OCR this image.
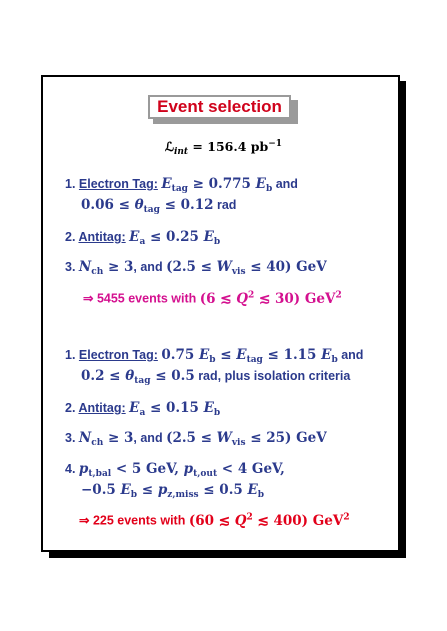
Event selection
ℒ$_{int}$ = 156.4 $pb^{-1}$
1. Electron Tag: $E_{tag} \ge 0.775$ $E_b$ and
$0.06 \le \theta_{tag} \le 0.12$ rad
2. Antitag: $E_a \le 0.25$ $E_b$
3. $N_{ch} \ge 3$, and $(2.5 \le W_{vis} \le 40)$ GeV
⇒ 5455 events with (6 ≲ $Q^2$ ≲ 30) GeV$^2$
1. Electron Tag: 0.75 $E_b \le E_{tag} \le 1.15$ $E_b$ and
$0.2 \le \theta_{tag} \le 0.5$ rad, plus isolation criteria
2. Antitag: $E_a \le 0.15$ $E_b$
3. $N_{ch} \ge 3$, and $(2.5 \le W_{vis} \le 25)$ GeV
4. $p_{t,bal} < 5$ GeV, $p_{t,out} < 4$ GeV,
−0.5 $E_b \le p_{z,miss} \le 0.5$ $E_b$
⇒ 225 events with (60 ≲ $Q^2$ ≲ 400) GeV$^2$
